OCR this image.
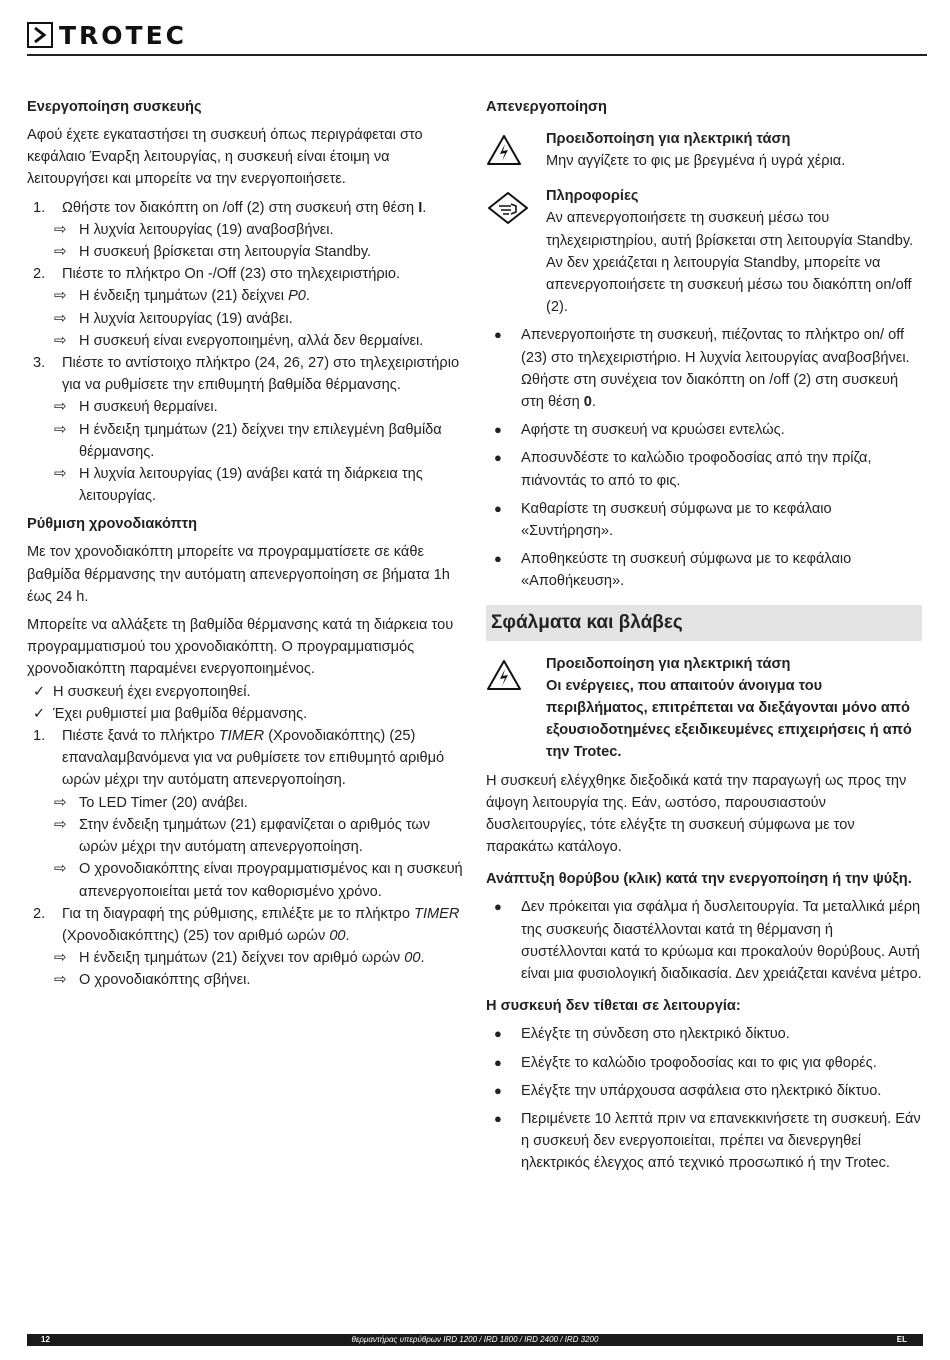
TROTEC
Ενεργοποίηση συσκευής

Αφού έχετε εγκαταστήσει τη συσκευή όπως περιγράφεται στο κεφάλαιο Έναρξη λειτουργίας, η συσκευή είναι έτοιμη να λειτουργήσει και μπορείτε να την ενεργοποιήσετε.

1.	Ωθήστε τον διακόπτη on /off (2) στη συσκευή στη θέση I.
⇨ Η λυχνία λειτουργίας (19) αναβοσβήνει.
⇨ Η συσκευή βρίσκεται στη λειτουργία Standby.
2.	Πιέστε το πλήκτρο On -/Off (23) στο τηλεχειριστήριο.
⇨ Η ένδειξη τμημάτων (21) δείχνει P0.
⇨ Η λυχνία λειτουργίας (19) ανάβει.
⇨ Η συσκευή είναι ενεργοποιημένη, αλλά δεν θερμαίνει.
3.	Πιέστε το αντίστοιχο πλήκτρο (24, 26, 27) στο τηλεχειριστήριο για να ρυθμίσετε την επιθυμητή βαθμίδα θέρμανσης.
⇨ Η συσκευή θερμαίνει.
⇨ Η ένδειξη τμημάτων (21) δείχνει την επιλεγμένη βαθμίδα θέρμανσης.
⇨ Η λυχνία λειτουργίας (19) ανάβει κατά τη διάρκεια της λειτουργίας.
Ρύθμιση χρονοδιακόπτη

Με τον χρονοδιακόπτη μπορείτε να προγραμματίσετε σε κάθε βαθμίδα θέρμανσης την αυτόματη απενεργοποίηση σε βήματα 1h έως 24 h.

Μπορείτε να αλλάξετε τη βαθμίδα θέρμανσης κατά τη διάρκεια του προγραμματισμού του χρονοδιακόπτη. Ο προγραμματισμός χρονοδιακόπτη παραμένει ενεργοποιημένος.

✓ Η συσκευή έχει ενεργοποιηθεί.
✓ Έχει ρυθμιστεί μια βαθμίδα θέρμανσης.
1.	Πιέστε ξανά το πλήκτρο TIMER (Χρονοδιακόπτης) (25) επαναλαμβανόμενα για να ρυθμίσετε τον επιθυμητό αριθμό ωρών μέχρι την αυτόματη απενεργοποίηση.
⇨ Το LED Timer (20) ανάβει.
⇨ Στην ένδειξη τμημάτων (21) εμφανίζεται ο αριθμός των ωρών μέχρι την αυτόματη απενεργοποίηση.
⇨ Ο χρονοδιακόπτης είναι προγραμματισμένος και η συσκευή απενεργοποιείται μετά τον καθορισμένο χρόνο.
2.	Για τη διαγραφή της ρύθμισης, επιλέξτε με το πλήκτρο TIMER (Χρονοδιακόπτης) (25) τον αριθμό ωρών 00.
⇨ Η ένδειξη τμημάτων (21) δείχνει τον αριθμό ωρών 00.
⇨ Ο χρονοδιακόπτης σβήνει.
Απενεργοποίηση
Προειδοποίηση για ηλεκτρική τάση
Μην αγγίζετε το φις με βρεγμένα ή υγρά χέρια.
Πληροφορίες
Αν απενεργοποιήσετε τη συσκευή μέσω του τηλεχειριστηρίου, αυτή βρίσκεται στη λειτουργία Standby. Αν δεν χρειάζεται η λειτουργία Standby, μπορείτε να απενεργοποιήσετε τη συσκευή μέσω του διακόπτη on/off (2).
●	Απενεργοποιήστε τη συσκευή, πιέζοντας το πλήκτρο on/ off (23) στο τηλεχειριστήριο. Η λυχνία λειτουργίας αναβοσβήνει. Ωθήστε στη συνέχεια τον διακόπτη on /off (2) στη συσκευή στη θέση 0.
●	Αφήστε τη συσκευή να κρυώσει εντελώς.
●	Αποσυνδέστε το καλώδιο τροφοδοσίας από την πρίζα, πιάνοντάς το από το φις.
●	Καθαρίστε τη συσκευή σύμφωνα με το κεφάλαιο «Συντήρηση».
●	Αποθηκεύστε τη συσκευή σύμφωνα με το κεφάλαιο «Αποθήκευση».
Σφάλματα και βλάβες
Προειδοποίηση για ηλεκτρική τάση
Οι ενέργειες, που απαιτούν άνοιγμα του περιβλήματος, επιτρέπεται να διεξάγονται μόνο από εξουσιοδοτημένες εξειδικευμένες επιχειρήσεις ή από την Trotec.

Η συσκευή ελέγχθηκε διεξοδικά κατά την παραγωγή ως προς την άψογη λειτουργία της. Εάν, ωστόσο, παρουσιαστούν δυσλειτουργίες, τότε ελέγξτε τη συσκευή σύμφωνα με τον παρακάτω κατάλογο.

Ανάπτυξη θορύβου (κλικ) κατά την ενεργοποίηση ή την ψύξη.
●	Δεν πρόκειται για σφάλμα ή δυσλειτουργία. Τα μεταλλικά μέρη της συσκευής διαστέλλονται κατά τη θέρμανση ή συστέλλονται κατά το κρύωμα και προκαλούν θορύβους. Αυτή είναι μια φυσιολογική διαδικασία. Δεν χρειάζεται κανένα μέτρο.
Η συσκευή δεν τίθεται σε λειτουργία:
●	Ελέγξτε τη σύνδεση στο ηλεκτρικό δίκτυο.
●	Ελέγξτε το καλώδιο τροφοδοσίας και το φις για φθορές.
●	Ελέγξτε την υπάρχουσα ασφάλεια στο ηλεκτρικό δίκτυο.
●	Περιμένετε 10 λεπτά πριν να επανεκκινήσετε τη συσκευή. Εάν η συσκευή δεν ενεργοποιείται, πρέπει να διενεργηθεί ηλεκτρικός έλεγχος από τεχνικό προσωπικό ή την Trotec.
12	θερμαντήρας υπερύθρων IRD 1200 / IRD 1800 / IRD 2400 / IRD 3200	EL
